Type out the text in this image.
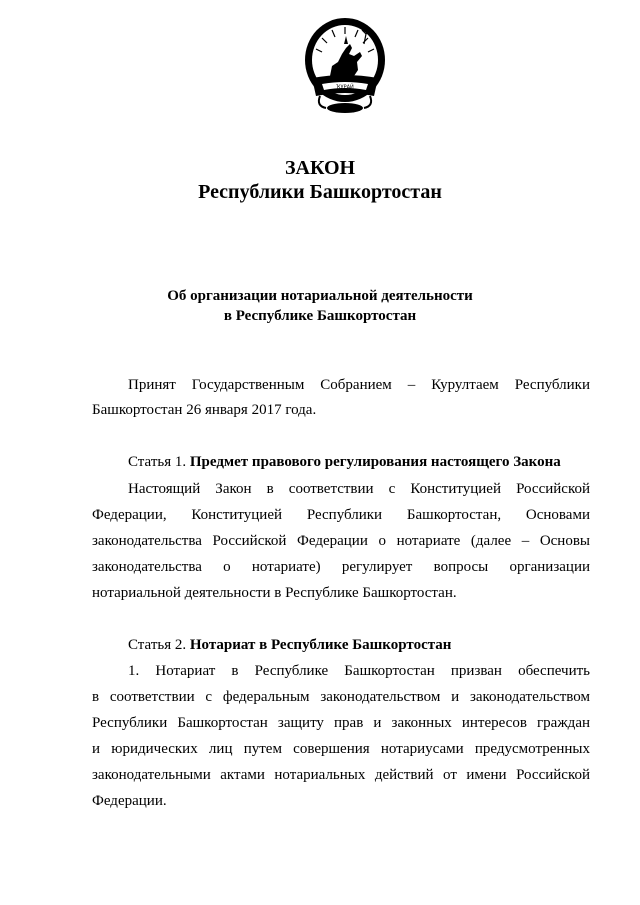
ҠУРАЙ
ЗАКОН
Республики Башкортостан
Об организации нотариальной деятельности
в Республике Башкортостан
Принят Государственным Собранием – Курултаем Республики
Башкортостан 26 января 2017 года.
Статья 1. Предмет правового регулирования настоящего Закона
Настоящий Закон в соответствии с Конституцией Российской
Федерации, Конституцией Республики Башкортостан, Основами
законодательства Российской Федерации о нотариате (далее – Основы
законодательства о нотариате) регулирует вопросы организации
нотариальной деятельности в Республике Башкортостан.
Статья 2. Нотариат в Республике Башкортостан
1. Нотариат в Республике Башкортостан призван обеспечить
в соответствии с федеральным законодательством и законодательством
Республики Башкортостан защиту прав и законных интересов граждан
и юридических лиц путем совершения нотариусами предусмотренных
законодательными актами нотариальных действий от имени Российской
Федерации.
